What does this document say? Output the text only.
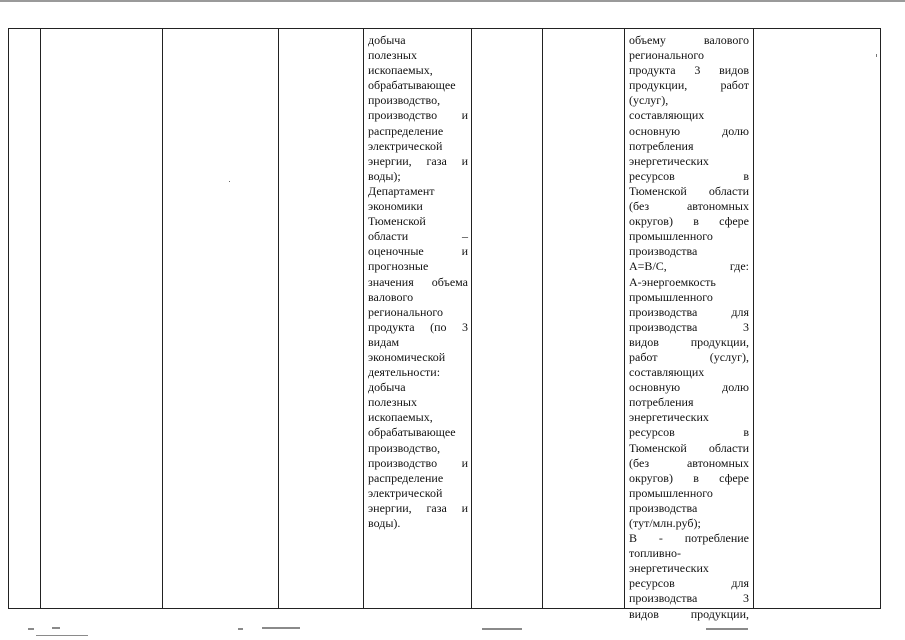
добыча
полезных
ископаемых,
обрабатывающее
производство,
производство и
распределение
электрической
энергии, газа и
воды);
Департамент
экономики
Тюменской
области –
оценочные и
прогнозные
значения объема
валового
регионального
продукта (по 3
видам
экономической
деятельности:
добыча
полезных
ископаемых,
обрабатывающее
производство,
производство и
распределение
электрической
энергии, газа и
воды).
объему валового
регионального
продукта 3 видов
продукции, работ
(услуг),
составляющих
основную долю
потребления
энергетических
ресурсов в
Тюменской области
(без автономных
округов) в сфере
промышленного
производства
А=В/С, где:
А-энергоемкость
промышленного
производства для
производства 3
видов продукции,
работ (услуг),
составляющих
основную долю
потребления
энергетических
ресурсов в
Тюменской области
(без автономных
округов) в сфере
промышленного
производства
(тут/млн.руб);
В - потребление
топливно-
энергетических
ресурсов для
производства 3
видов продукции,
